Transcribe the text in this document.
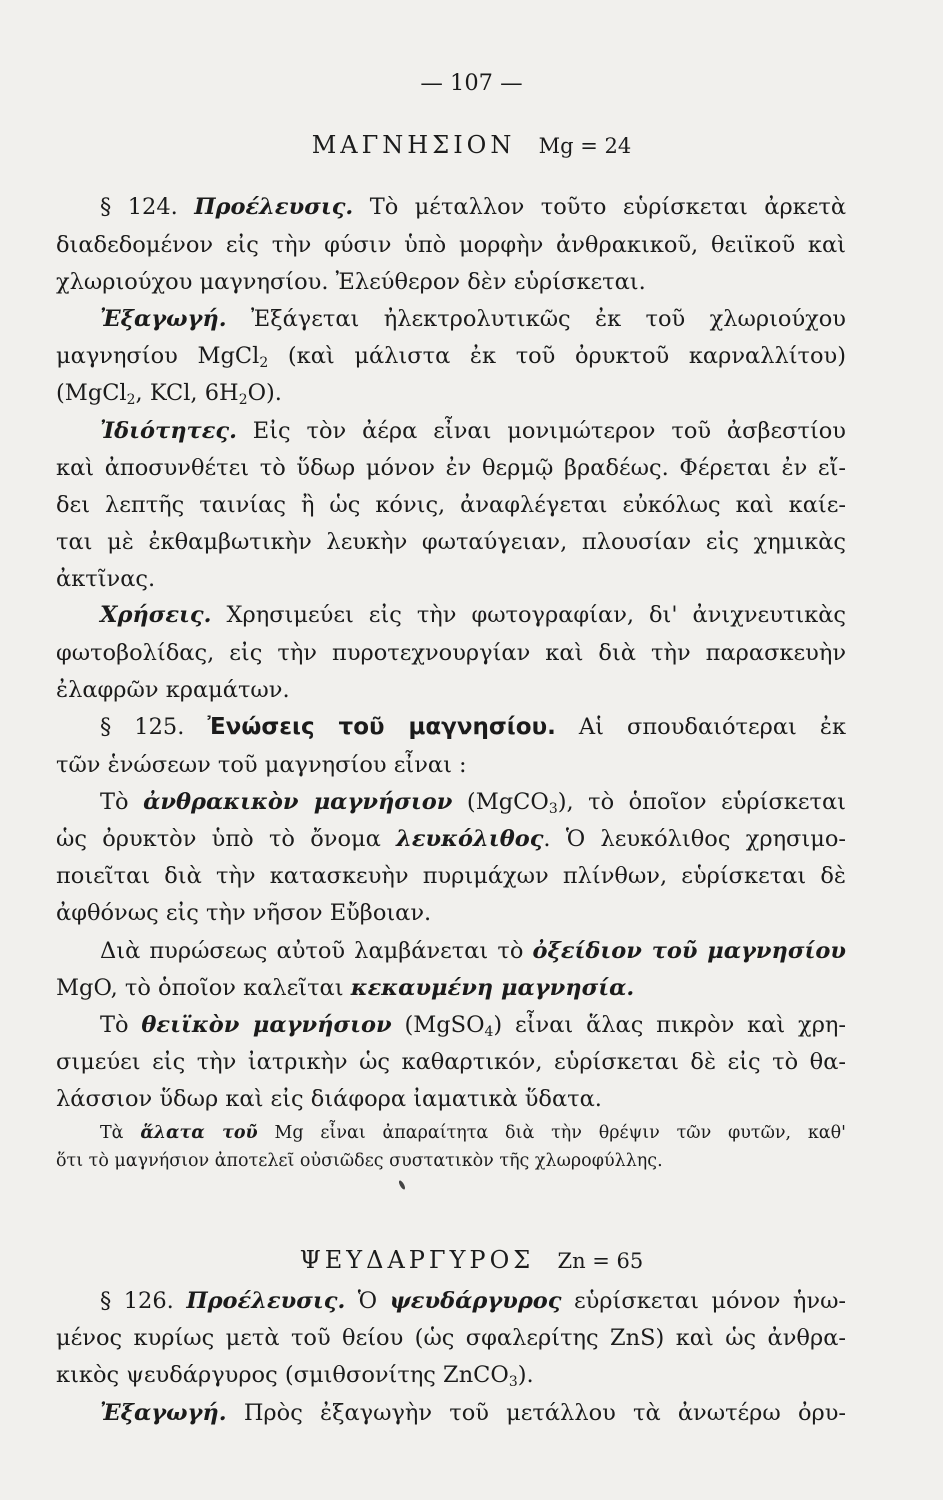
— 107 —
ΜΑΓΝΗΣΙΟΝ Mg = 24
§ 124. Προέλευσις. Τὸ μέταλλον τοῦτο εὑρίσκεται ἀρκετὰ
διαδεδομένον εἰς τὴν φύσιν ὑπὸ μορφὴν ἀνθρακικοῦ, θειϊκοῦ καὶ
χλωριούχου μαγνησίου. Ἐλεύθερον δὲν εὑρίσκεται.
Ἐξαγωγή. Ἐξάγεται ἠλεκτρολυτικῶς ἐκ τοῦ χλωριούχου
μαγνησίου MgCl$_2$ (καὶ μάλιστα ἐκ τοῦ ὀρυκτοῦ καρναλλίτου)
(MgCl$_2$, KCl, $6H_2O$).
Ἰδιότητες. Εἰς τὸν ἀέρα εἶναι μονιμώτερον τοῦ ἀσβεστίου
καὶ ἀποσυνθέτει τὸ ὕδωρ μόνον ἐν θερμῷ βραδέως. Φέρεται ἐν εἴ-
δει λεπτῆς ταινίας ἢ ὡς κόνις, ἀναφλέγεται εὐκόλως καὶ καίε-
ται μὲ ἐκθαμβωτικὴν λευκὴν φωταύγειαν, πλουσίαν εἰς χημικὰς
ἀκτῖνας.
Χρήσεις. Χρησιμεύει εἰς τὴν φωτογραφίαν, δι' ἀνιχνευτικὰς
φωτοβολίδας, εἰς τὴν πυροτεχνουργίαν καὶ διὰ τὴν παρασκευὴν
ἐλαφρῶν κραμάτων.
§ 125. Ἐνώσεις τοῦ μαγνησίου. Αἱ σπουδαιότεραι ἐκ
τῶν ἑνώσεων τοῦ μαγνησίου εἶναι :
Τὸ ἀνθρακικὸν μαγνήσιον (MgCO$_3$), τὸ ὁποῖον εὑρίσκεται
ὡς ὀρυκτὸν ὑπὸ τὸ ὄνομα λευκόλιθος. Ὁ λευκόλιθος χρησιμο-
ποιεῖται διὰ τὴν κατασκευὴν πυριμάχων πλίνθων, εὑρίσκεται δὲ
ἀφθόνως εἰς τὴν νῆσον Εὔβοιαν.
Διὰ πυρώσεως αὐτοῦ λαμβάνεται τὸ ὀξείδιον τοῦ μαγνησίου
MgO, τὸ ὁποῖον καλεῖται κεκαυμένη μαγνησία.
Τὸ θειϊκὸν μαγνήσιον (MgSO$_4$) εἶναι ἅλας πικρὸν καὶ χρη-
σιμεύει εἰς τὴν ἰατρικὴν ὡς καθαρτικόν, εὑρίσκεται δὲ εἰς τὸ θα-
λάσσιον ὕδωρ καὶ εἰς διάφορα ἰαματικὰ ὕδατα.
Τὰ ἅλατα τοῦ Mg εἶναι ἀπαραίτητα διὰ τὴν θρέψιν τῶν φυτῶν, καθ'
ὅτι τὸ μαγνήσιον ἀποτελεῖ οὐσιῶδες συστατικὸν τῆς χλωροφύλλης.
ΨΕΥΔΑΡΓΥΡΟΣ Zn = 65
§ 126. Προέλευσις. Ὁ ψευδάργυρος εὑρίσκεται μόνον ἡνω-
μένος κυρίως μετὰ τοῦ θείου (ὡς σφαλερίτης ZnS) καὶ ὡς ἀνθρα-
κικὸς ψευδάργυρος (σμιθσονίτης ZnCO$_3$).
Ἐξαγωγή. Πρὸς ἐξαγωγὴν τοῦ μετάλλου τὰ ἀνωτέρω ὀρυ-
